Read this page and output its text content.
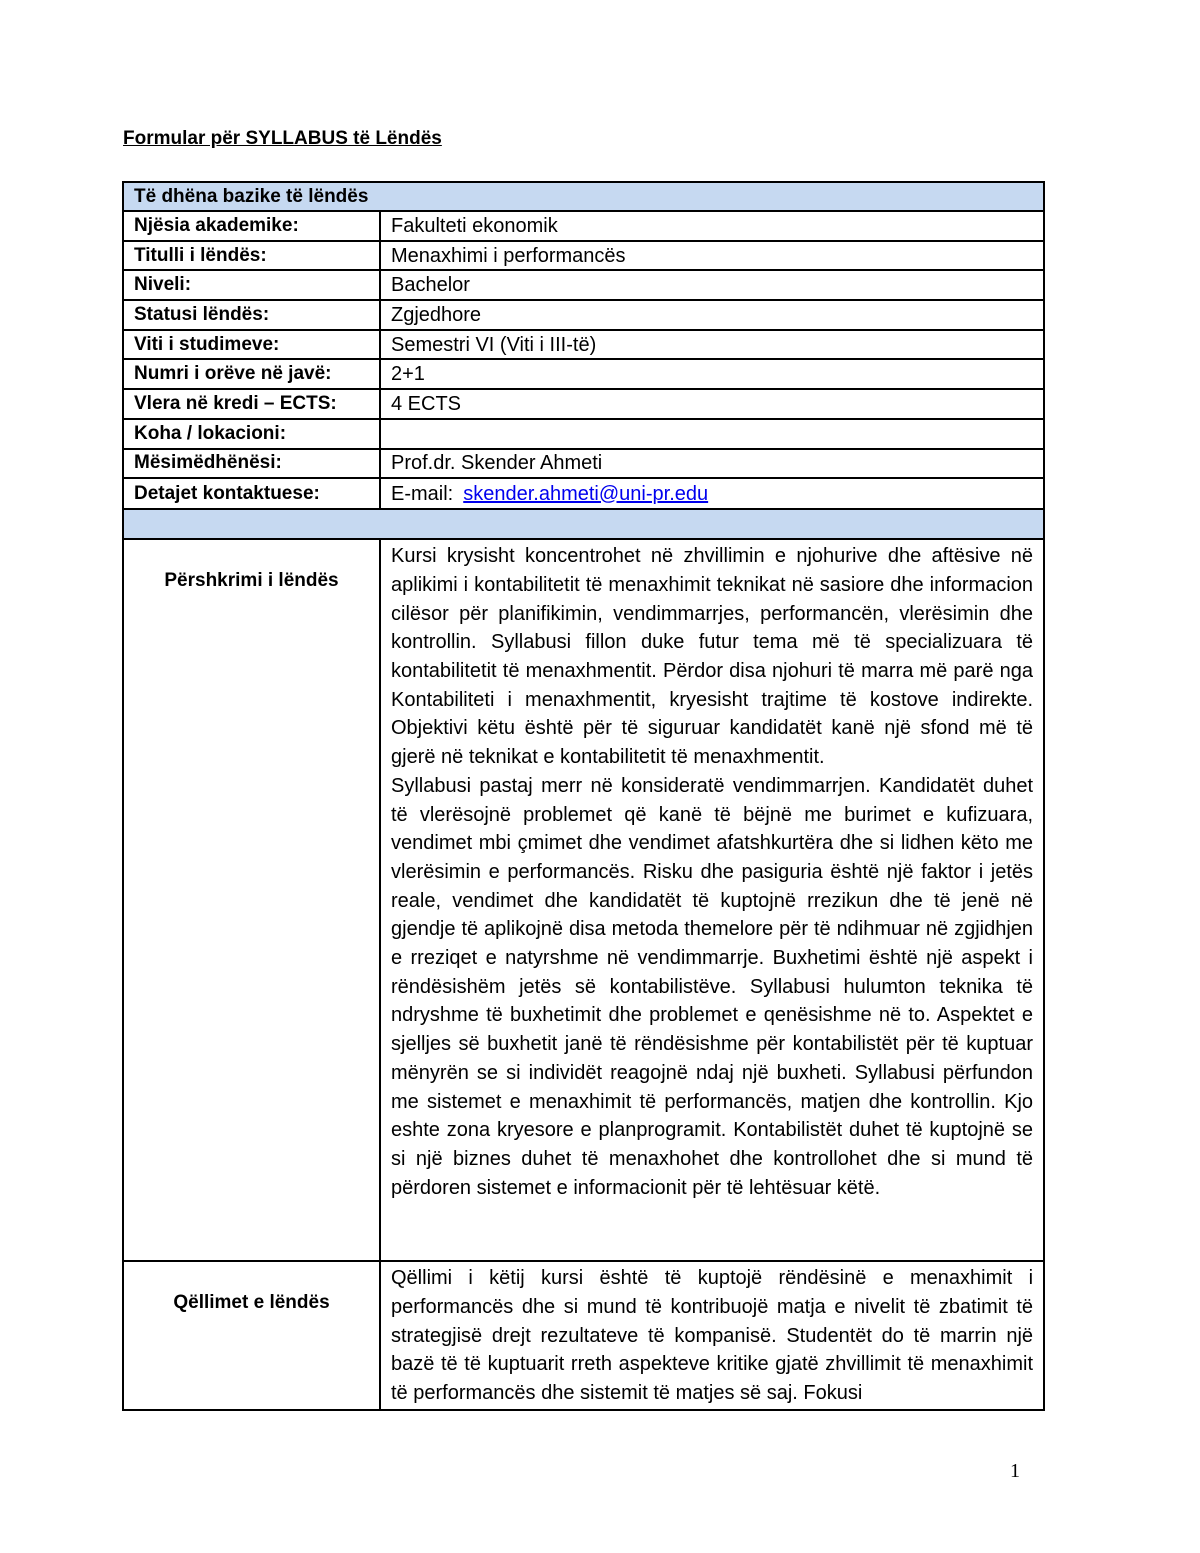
Formular për SYLLABUS të Lëndës
Të dhëna bazike të lëndës	
Njësia akademike:	Fakulteti ekonomik
Titulli i lëndës:	Menaxhimi i performancës
Niveli:	Bachelor
Statusi lëndës:	Zgjedhore
Viti i studimeve:	Semestri VI (Viti i III-të)
Numri i orëve në javë:	2+1
Vlera në kredi – ECTS:	4 ECTS
Koha / lokacioni:	
Mësimëdhënësi:	Prof.dr. Skender Ahmeti
Detajet kontaktuese:	E-mail: skender.ahmeti@uni-pr.edu

Përshkrimi i lëndës	Kursi krysisht koncentrohet në zhvillimin e njohurive dhe aftësive në aplikimi i kontabilitetit të menaxhimit teknikat në sasiore dhe informacion cilësor për planifikimin, vendimmarrjes, performancën, vlerësimin dhe kontrollin. Syllabusi fillon duke futur tema më të specializuara të kontabilitetit të menaxhmentit. Përdor disa njohuri të marra më parë nga Kontabiliteti i menaxhmentit, kryesisht trajtime të kostove indirekte. Objektivi këtu është për të siguruar kandidatët kanë një sfond më të gjerë në teknikat e kontabilitetit të menaxhmentit.

Syllabusi pastaj merr në konsideratë vendimmarrjen. Kandidatët duhet të vlerësojnë problemet që kanë të bëjnë me burimet e kufizuara, vendimet mbi çmimet dhe vendimet afatshkurtëra dhe si lidhen këto me vlerësimin e performancës. Risku dhe pasiguria është një faktor i jetës reale, vendimet dhe kandidatët të kuptojnë rrezikun dhe të jenë në gjendje të aplikojnë disa metoda themelore për të ndihmuar në zgjidhjen e rreziqet e natyrshme në vendimmarrje. Buxhetimi është një aspekt i rëndësishëm jetës së kontabilistëve. Syllabusi hulumton teknika të ndryshme të buxhetimit dhe problemet e qenësishme në to. Aspektet e sjelljes së buxhetit janë të rëndësishme për kontabilistët për të kuptuar mënyrën se si individët reagojnë ndaj një buxheti. Syllabusi përfundon me sistemet e menaxhimit të performancës, matjen dhe kontrollin. Kjo eshte zona kryesore e planprogramit. Kontabilistët duhet të kuptojnë se si një biznes duhet të menaxhohet dhe kontrollohet dhe si mund të përdoren sistemet e informacionit për të lehtësuar këtë.

Qëllimet e lëndës	Qëllimi i këtij kursi është të kuptojë rëndësinë e menaxhimit i performancës dhe si mund të kontribuojë matja e nivelit të zbatimit të strategjisë drejt rezultateve të kompanisë. Studentët do të marrin një bazë të të kuptuarit rreth aspekteve kritike gjatë zhvillimit të menaxhimit të performancës dhe sistemit të matjes së saj. Fokusi
1
